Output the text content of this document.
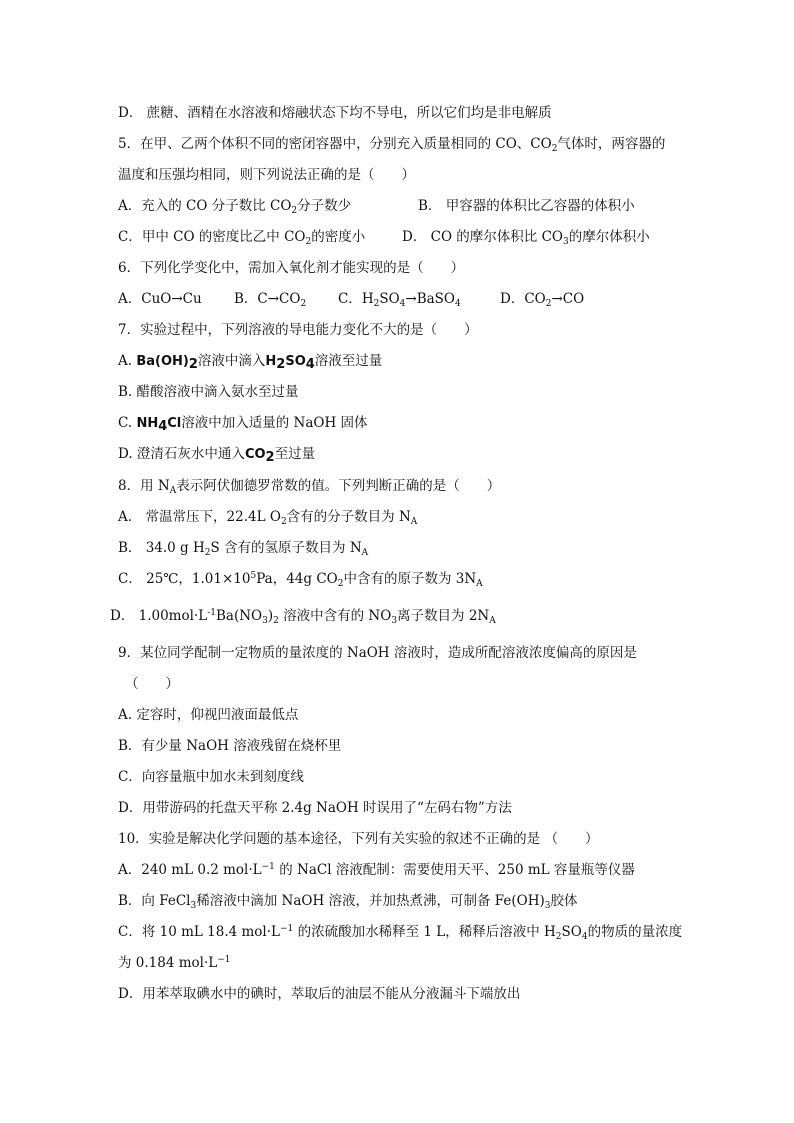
D． 蔗糖、酒精在水溶液和熔融状态下均不导电，所以它们均是非电解质
5．在甲、乙两个体积不同的密闭容器中，分别充入质量相同的 CO、$CO_2$气体时，两容器的
温度和压强均相同，则下列说法正确的是（　　）
A．充入的 CO 分子数比 $CO_2$分子数少	B． 甲容器的体积比乙容器的体积小
C．甲中 CO 的密度比乙中 $CO_2$的密度小	D． CO 的摩尔体积比 $CO_3$的摩尔体积小
6．下列化学变化中，需加入氧化剂才能实现的是（　　）
A．CuO→Cu B．$C\to CO_2$ C．$H_2SO_4\to BaSO_4$	D．$CO_2\to CO$
7．实验过程中，下列溶液的导电能力变化不大的是（　　）
A. $Ba(OH)_2$溶液中滴入$H_2SO_4$溶液至过量
B. 醋酸溶液中滴入氨水至过量
C. $NH_4Cl$溶液中加入适量的 NaOH 固体
D. 澄清石灰水中通入$CO_2$至过量
8．用 $N_A$表示阿伏伽德罗常数的值。下列判断正确的是（　　）
A． 常温常压下，22.4L $O_2$含有的分子数目为 $N_A$
B． 34.0 g $H_2S$ 含有的氢原子数目为 $N_A$
C． 25℃，$1.01\times 10^5Pa$，44g $CO_2$中含有的原子数为 $3N_A$
D． $1.00mol\cdot L^{-1}Ba(NO_3)_2$ 溶液中含有的 $NO_3$离子数目为 $2N_A$
9．某位同学配制一定物质的量浓度的 NaOH 溶液时，造成所配溶液浓度偏高的原因是
（　　）
A. 定容时，仰视凹液面最低点
B．有少量 NaOH 溶液残留在烧杯里
C．向容量瓶中加水未到刻度线
D．用带游码的托盘天平称 2.4g NaOH 时误用了“左码右物”方法
10．实验是解决化学问题的基本途径，下列有关实验的叙述不正确的是 （　　）
A．240 mL 0.2 $mol\cdot L^{-1}$ 的 NaCl 溶液配制：需要使用天平、250 mL 容量瓶等仪器
B．向 FeCl$_3$稀溶液中滴加 NaOH 溶液，并加热煮沸，可制备 $Fe(OH)_3$胶体
C．将 10 mL 18.4 $mol\cdot L^{-1}$ 的浓硫酸加水稀释至 1 L，稀释后溶液中 $H_2SO_4$的物质的量浓度
为 0.184 $mol\cdot L^{-1}$
D．用苯萃取碘水中的碘时，萃取后的油层不能从分液漏斗下端放出
